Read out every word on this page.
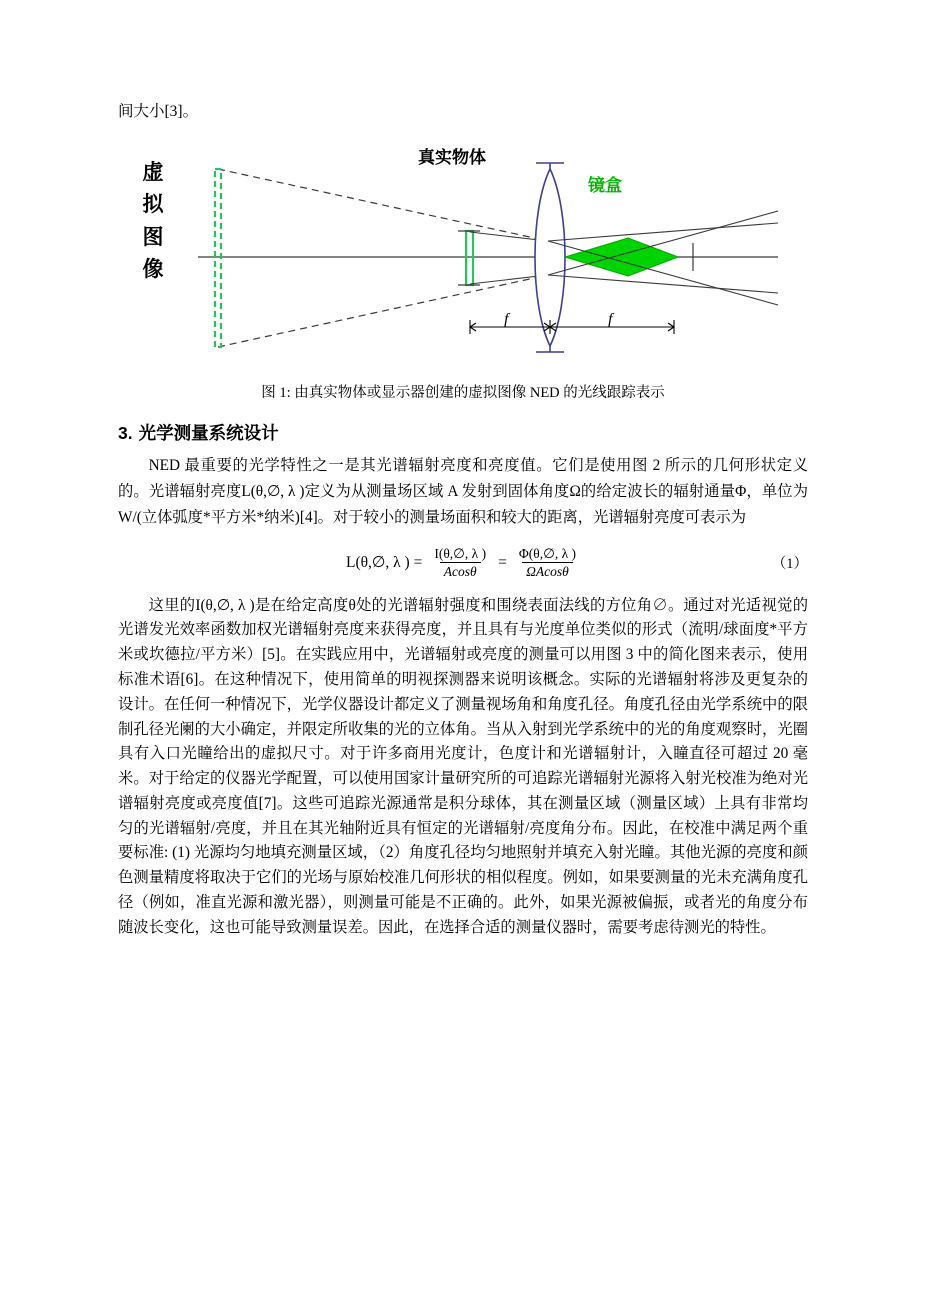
间大小[3]。

虚
拟
图
像
真实物体
镜盒
f	f

图 1: 由真实物体或显示器创建的虚拟图像 NED 的光线跟踪表示

3. 光学测量系统设计

NED 最重要的光学特性之一是其光谱辐射亮度和亮度值。它们是使用图 2 所示的几何形状定义的。光谱辐射亮度L(θ,∅, λ )定义为从测量场区域 A 发射到固体角度Ω的给定波长的辐射通量Φ，单位为 W/(立体弧度*平方米*纳米)[4]。对于较小的测量场面积和较大的距离，光谱辐射亮度可表示为

L(θ,∅, λ ) = $\frac{I(\theta,\emptyset, \lambda )}{Acos\theta} = \frac{\Phi(\theta,\emptyset, \lambda )}{\Omega Acos\theta}$	（1）

这里的I(θ,∅, λ )是在给定高度θ处的光谱辐射强度和围绕表面法线的方位角∅。通过对光适视觉的光谱发光效率函数加权光谱辐射亮度来获得亮度，并且具有与光度单位类似的形式（流明/球面度*平方米或坎德拉/平方米）[5]。在实践应用中，光谱辐射或亮度的测量可以用图 3 中的简化图来表示，使用标准术语[6]。在这种情况下，使用简单的明视探测器来说明该概念。实际的光谱辐射将涉及更复杂的设计。在任何一种情况下，光学仪器设计都定义了测量视场角和角度孔径。角度孔径由光学系统中的限制孔径光阑的大小确定，并限定所收集的光的立体角。当从入射到光学系统中的光的角度观察时，光圈具有入口光瞳给出的虚拟尺寸。对于许多商用光度计，色度计和光谱辐射计，入瞳直径可超过 20 毫米。对于给定的仪器光学配置，可以使用国家计量研究所的可追踪光谱辐射光源将入射光校准为绝对光谱辐射亮度或亮度值[7]。这些可追踪光源通常是积分球体，其在测量区域（测量区域）上具有非常均匀的光谱辐射/亮度，并且在其光轴附近具有恒定的光谱辐射/亮度角分布。因此，在校准中满足两个重要标准: (1) 光源均匀地填充测量区域，（2）角度孔径均匀地照射并填充入射光瞳。其他光源的亮度和颜色测量精度将取决于它们的光场与原始校准几何形状的相似程度。例如，如果要测量的光未充满角度孔径（例如，准直光源和激光器），则测量可能是不正确的。此外，如果光源被偏振，或者光的角度分布随波长变化，这也可能导致测量误差。因此，在选择合适的测量仪器时，需要考虑待测光的特性。
